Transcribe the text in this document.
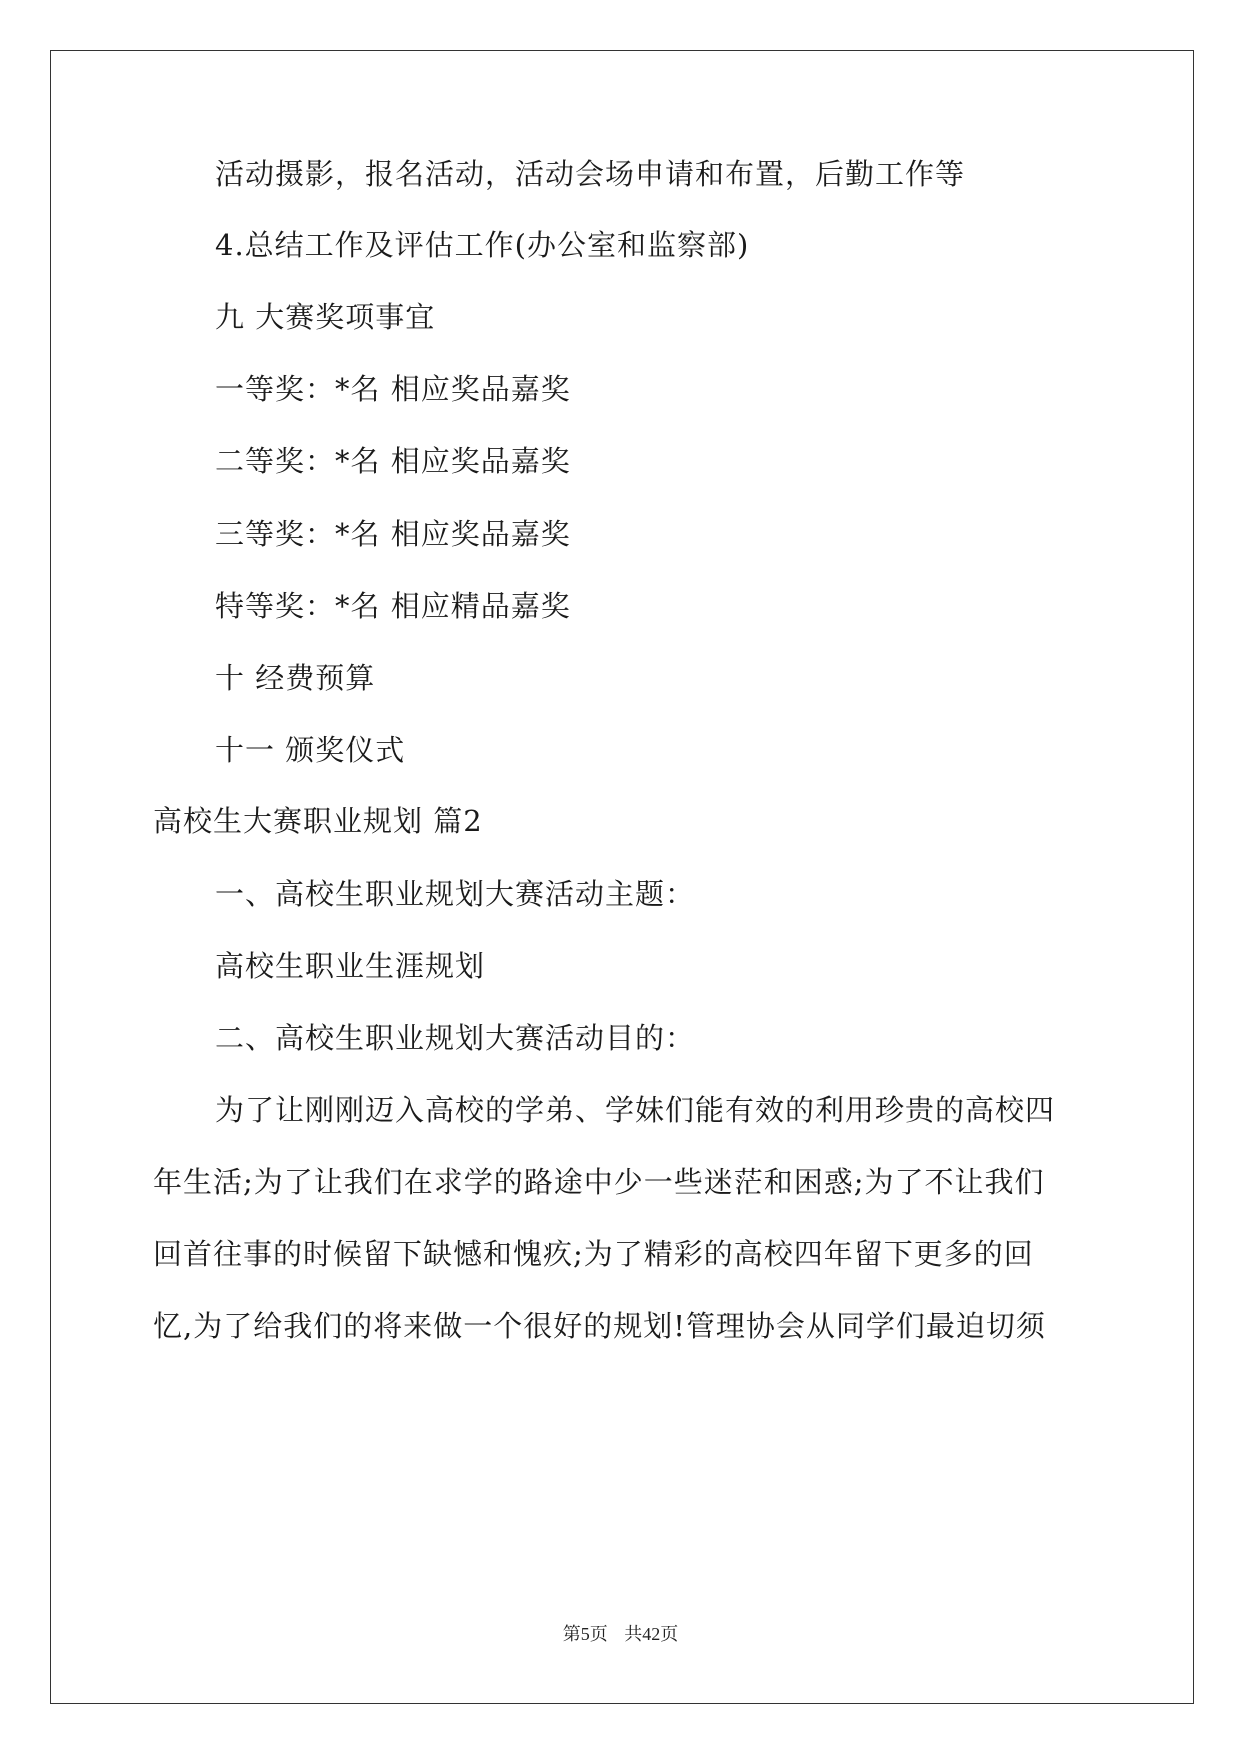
活动摄影，报名活动，活动会场申请和布置，后勤工作等
4.总结工作及评估工作(办公室和监察部)
九 大赛奖项事宜
一等奖：*名 相应奖品嘉奖
二等奖：*名 相应奖品嘉奖
三等奖：*名 相应奖品嘉奖
特等奖：*名 相应精品嘉奖
十 经费预算
十一 颁奖仪式
高校生大赛职业规划 篇2
一、高校生职业规划大赛活动主题：
高校生职业生涯规划
二、高校生职业规划大赛活动目的：
为了让刚刚迈入高校的学弟、学妹们能有效的利用珍贵的高校四
年生活;为了让我们在求学的路途中少一些迷茫和困惑;为了不让我们
回首往事的时候留下缺憾和愧疚;为了精彩的高校四年留下更多的回
忆,为了给我们的将来做一个很好的规划!管理协会从同学们最迫切须
第5页 共42页
